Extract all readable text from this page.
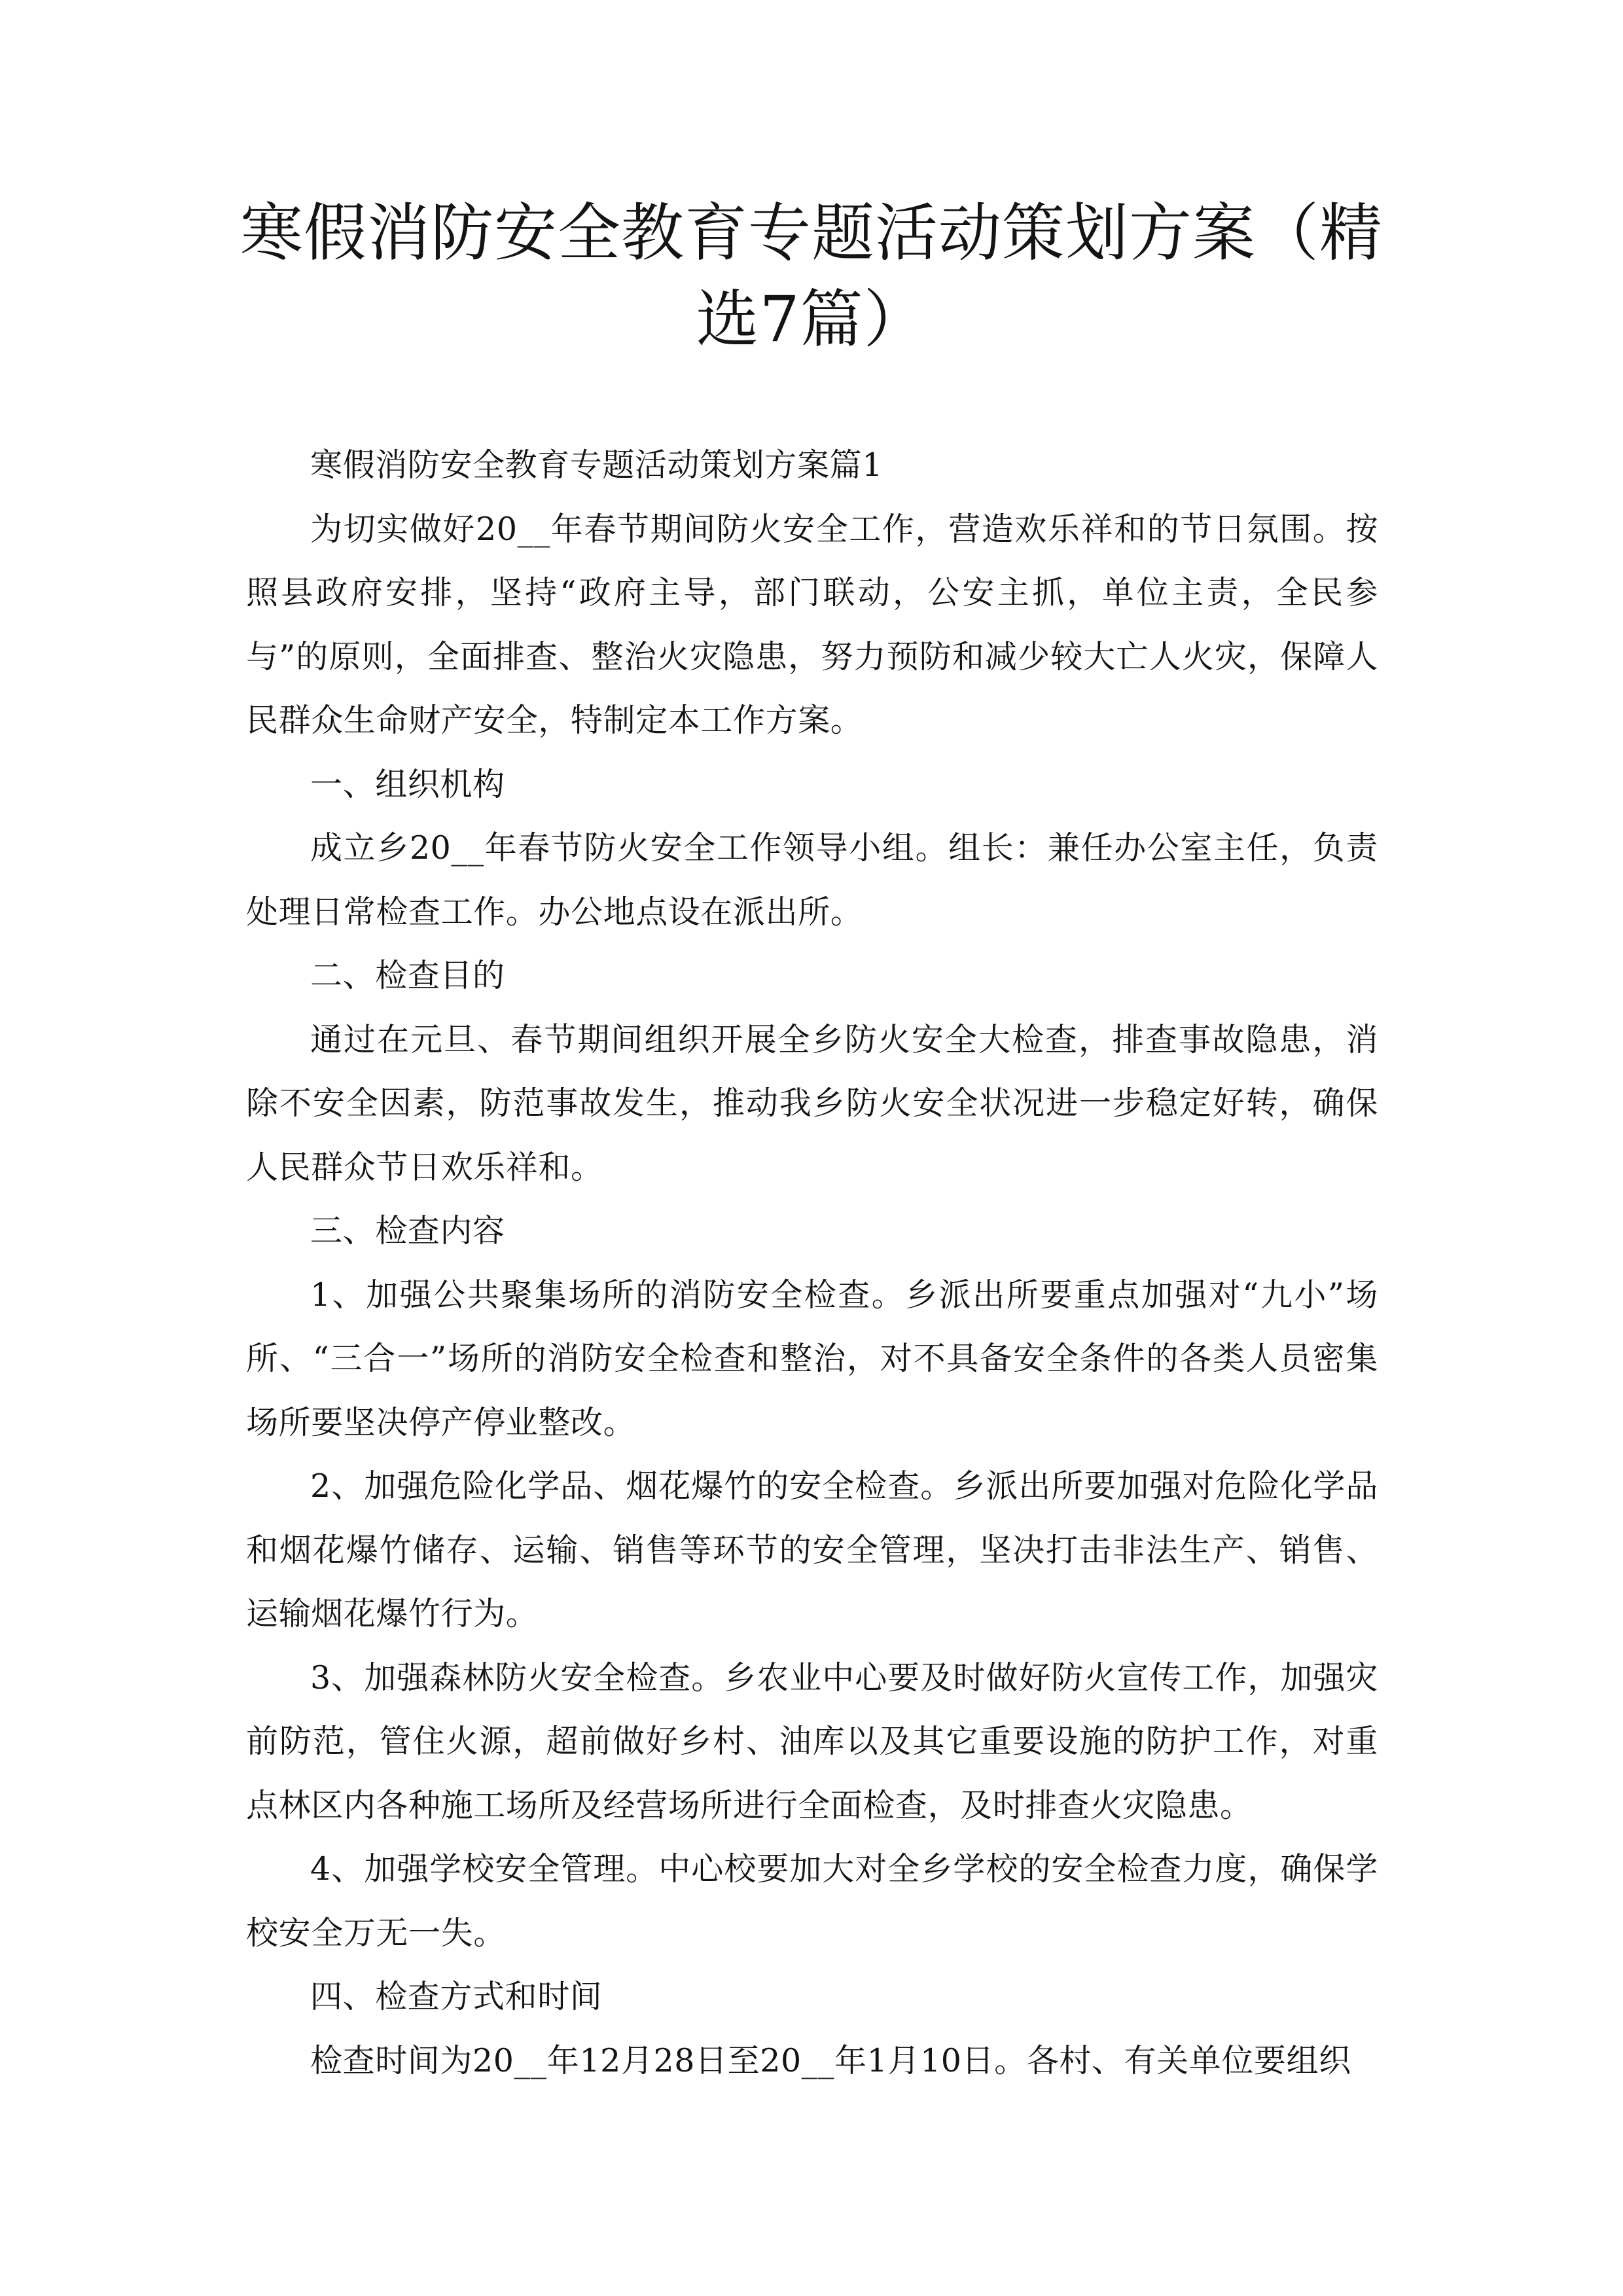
寒假消防安全教育专题活动策划方案（精选7篇）

寒假消防安全教育专题活动策划方案篇1

为切实做好20__年春节期间防火安全工作，营造欢乐祥和的节日氛围。按照县政府安排，坚持“政府主导，部门联动，公安主抓，单位主责，全民参与”的原则，全面排查、整治火灾隐患，努力预防和减少较大亡人火灾，保障人民群众生命财产安全，特制定本工作方案。

一、组织机构

成立乡20__年春节防火安全工作领导小组。组长：兼任办公室主任，负责处理日常检查工作。办公地点设在派出所。

二、检查目的

通过在元旦、春节期间组织开展全乡防火安全大检查，排查事故隐患，消除不安全因素，防范事故发生，推动我乡防火安全状况进一步稳定好转，确保人民群众节日欢乐祥和。

三、检查内容

1、加强公共聚集场所的消防安全检查。乡派出所要重点加强对“九小”场所、“三合一”场所的消防安全检查和整治，对不具备安全条件的各类人员密集场所要坚决停产停业整改。

2、加强危险化学品、烟花爆竹的安全检查。乡派出所要加强对危险化学品和烟花爆竹储存、运输、销售等环节的安全管理，坚决打击非法生产、销售、运输烟花爆竹行为。

3、加强森林防火安全检查。乡农业中心要及时做好防火宣传工作，加强灾前防范，管住火源，超前做好乡村、油库以及其它重要设施的防护工作，对重点林区内各种施工场所及经营场所进行全面检查，及时排查火灾隐患。

4、加强学校安全管理。中心校要加大对全乡学校的安全检查力度，确保学校安全万无一失。

四、检查方式和时间

检查时间为20__年12月28日至20__年1月10日。各村、有关单位要组织
